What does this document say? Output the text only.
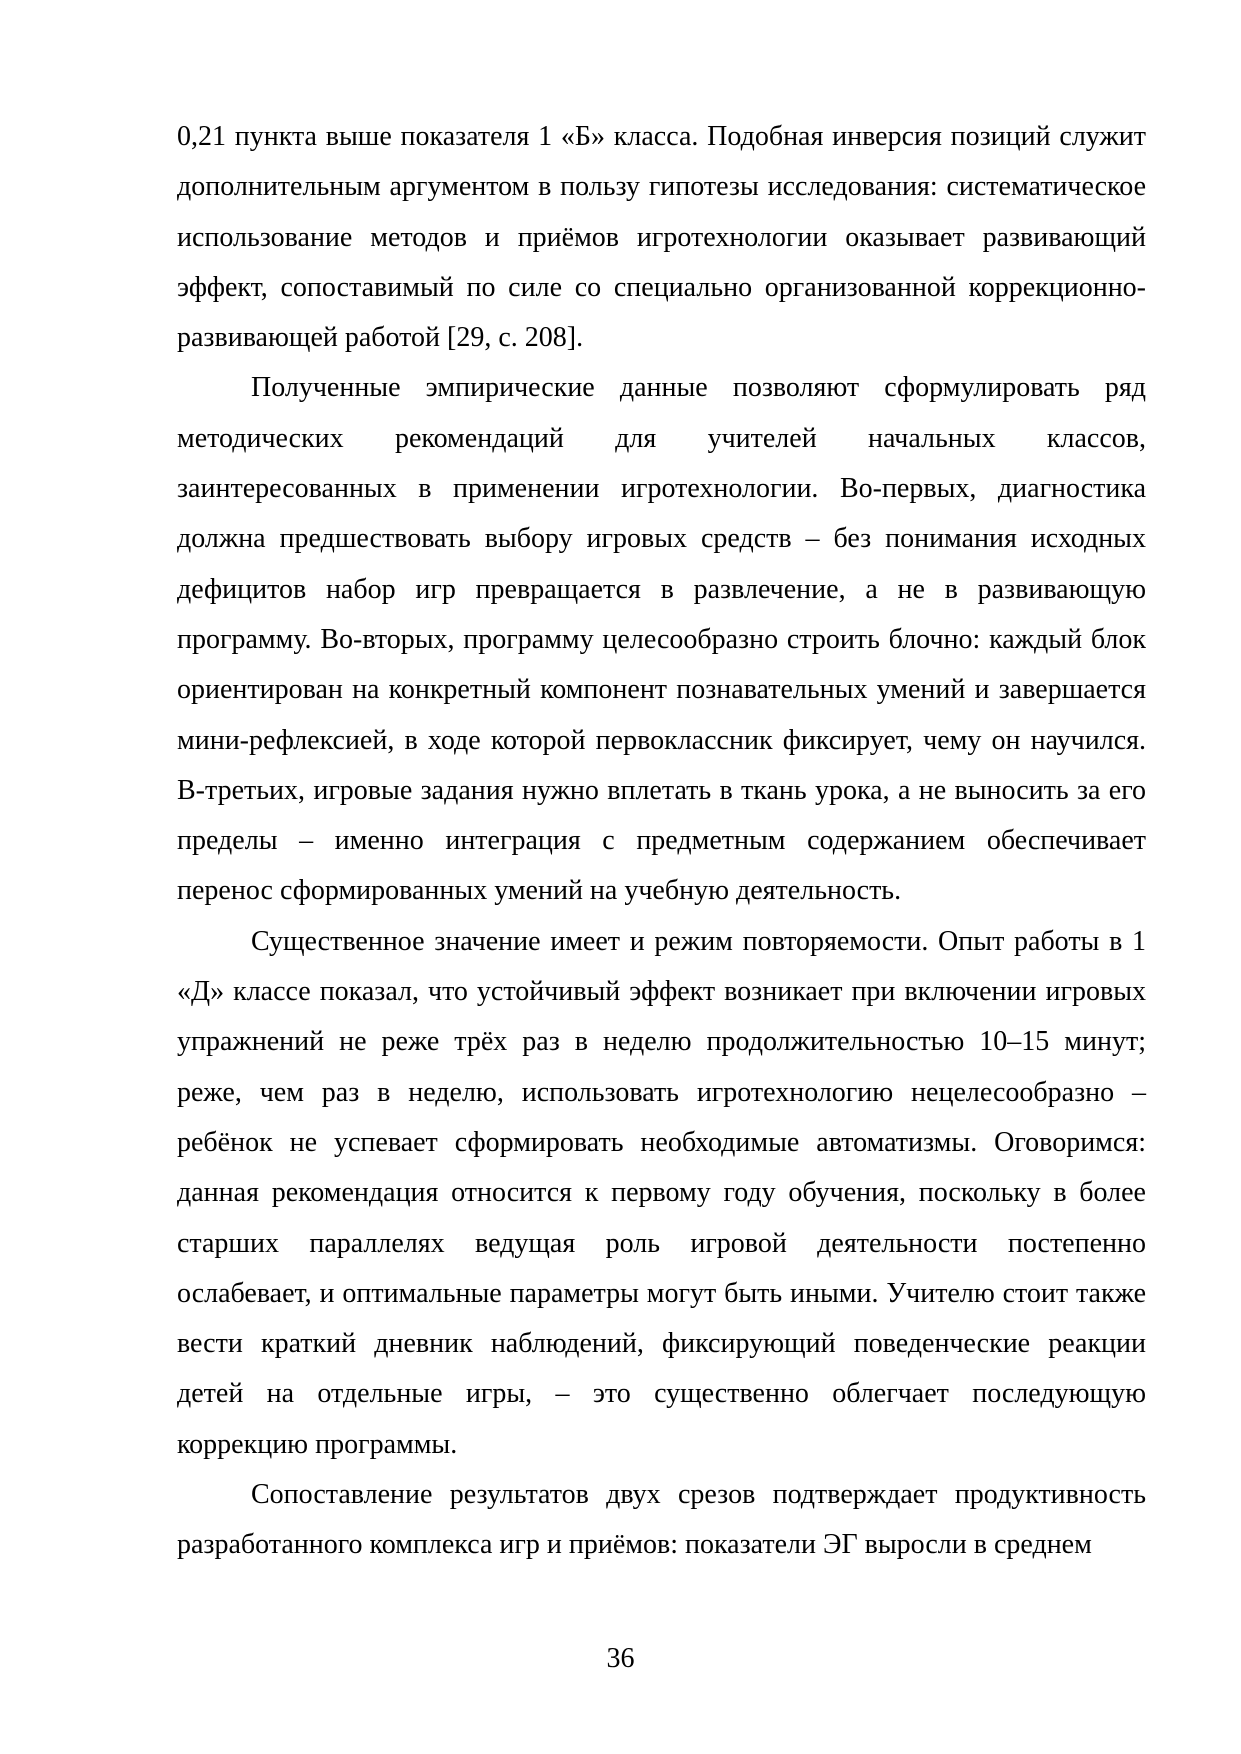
0,21 пункта выше показателя 1 «Б» класса. Подобная инверсия позиций служит дополнительным аргументом в пользу гипотезы исследования: систематическое использование методов и приёмов игротехнологии оказывает развивающий эффект, сопоставимый по силе со специально организованной коррекционно-развивающей работой [29, с. 208].

Полученные эмпирические данные позволяют сформулировать ряд методических рекомендаций для учителей начальных классов, заинтересованных в применении игротехнологии. Во-первых, диагностика должна предшествовать выбору игровых средств – без понимания исходных дефицитов набор игр превращается в развлечение, а не в развивающую программу. Во-вторых, программу целесообразно строить блочно: каждый блок ориентирован на конкретный компонент познавательных умений и завершается мини-рефлексией, в ходе которой первоклассник фиксирует, чему он научился. В-третьих, игровые задания нужно вплетать в ткань урока, а не выносить за его пределы – именно интеграция с предметным содержанием обеспечивает перенос сформированных умений на учебную деятельность.

Существенное значение имеет и режим повторяемости. Опыт работы в 1 «Д» классе показал, что устойчивый эффект возникает при включении игровых упражнений не реже трёх раз в неделю продолжительностью 10–15 минут; реже, чем раз в неделю, использовать игротехнологию нецелесообразно – ребёнок не успевает сформировать необходимые автоматизмы. Оговоримся: данная рекомендация относится к первому году обучения, поскольку в более старших параллелях ведущая роль игровой деятельности постепенно ослабевает, и оптимальные параметры могут быть иными. Учителю стоит также вести краткий дневник наблюдений, фиксирующий поведенческие реакции детей на отдельные игры, – это существенно облегчает последующую коррекцию программы.

Сопоставление результатов двух срезов подтверждает продуктивность разработанного комплекса игр и приёмов: показатели ЭГ выросли в среднем

36
